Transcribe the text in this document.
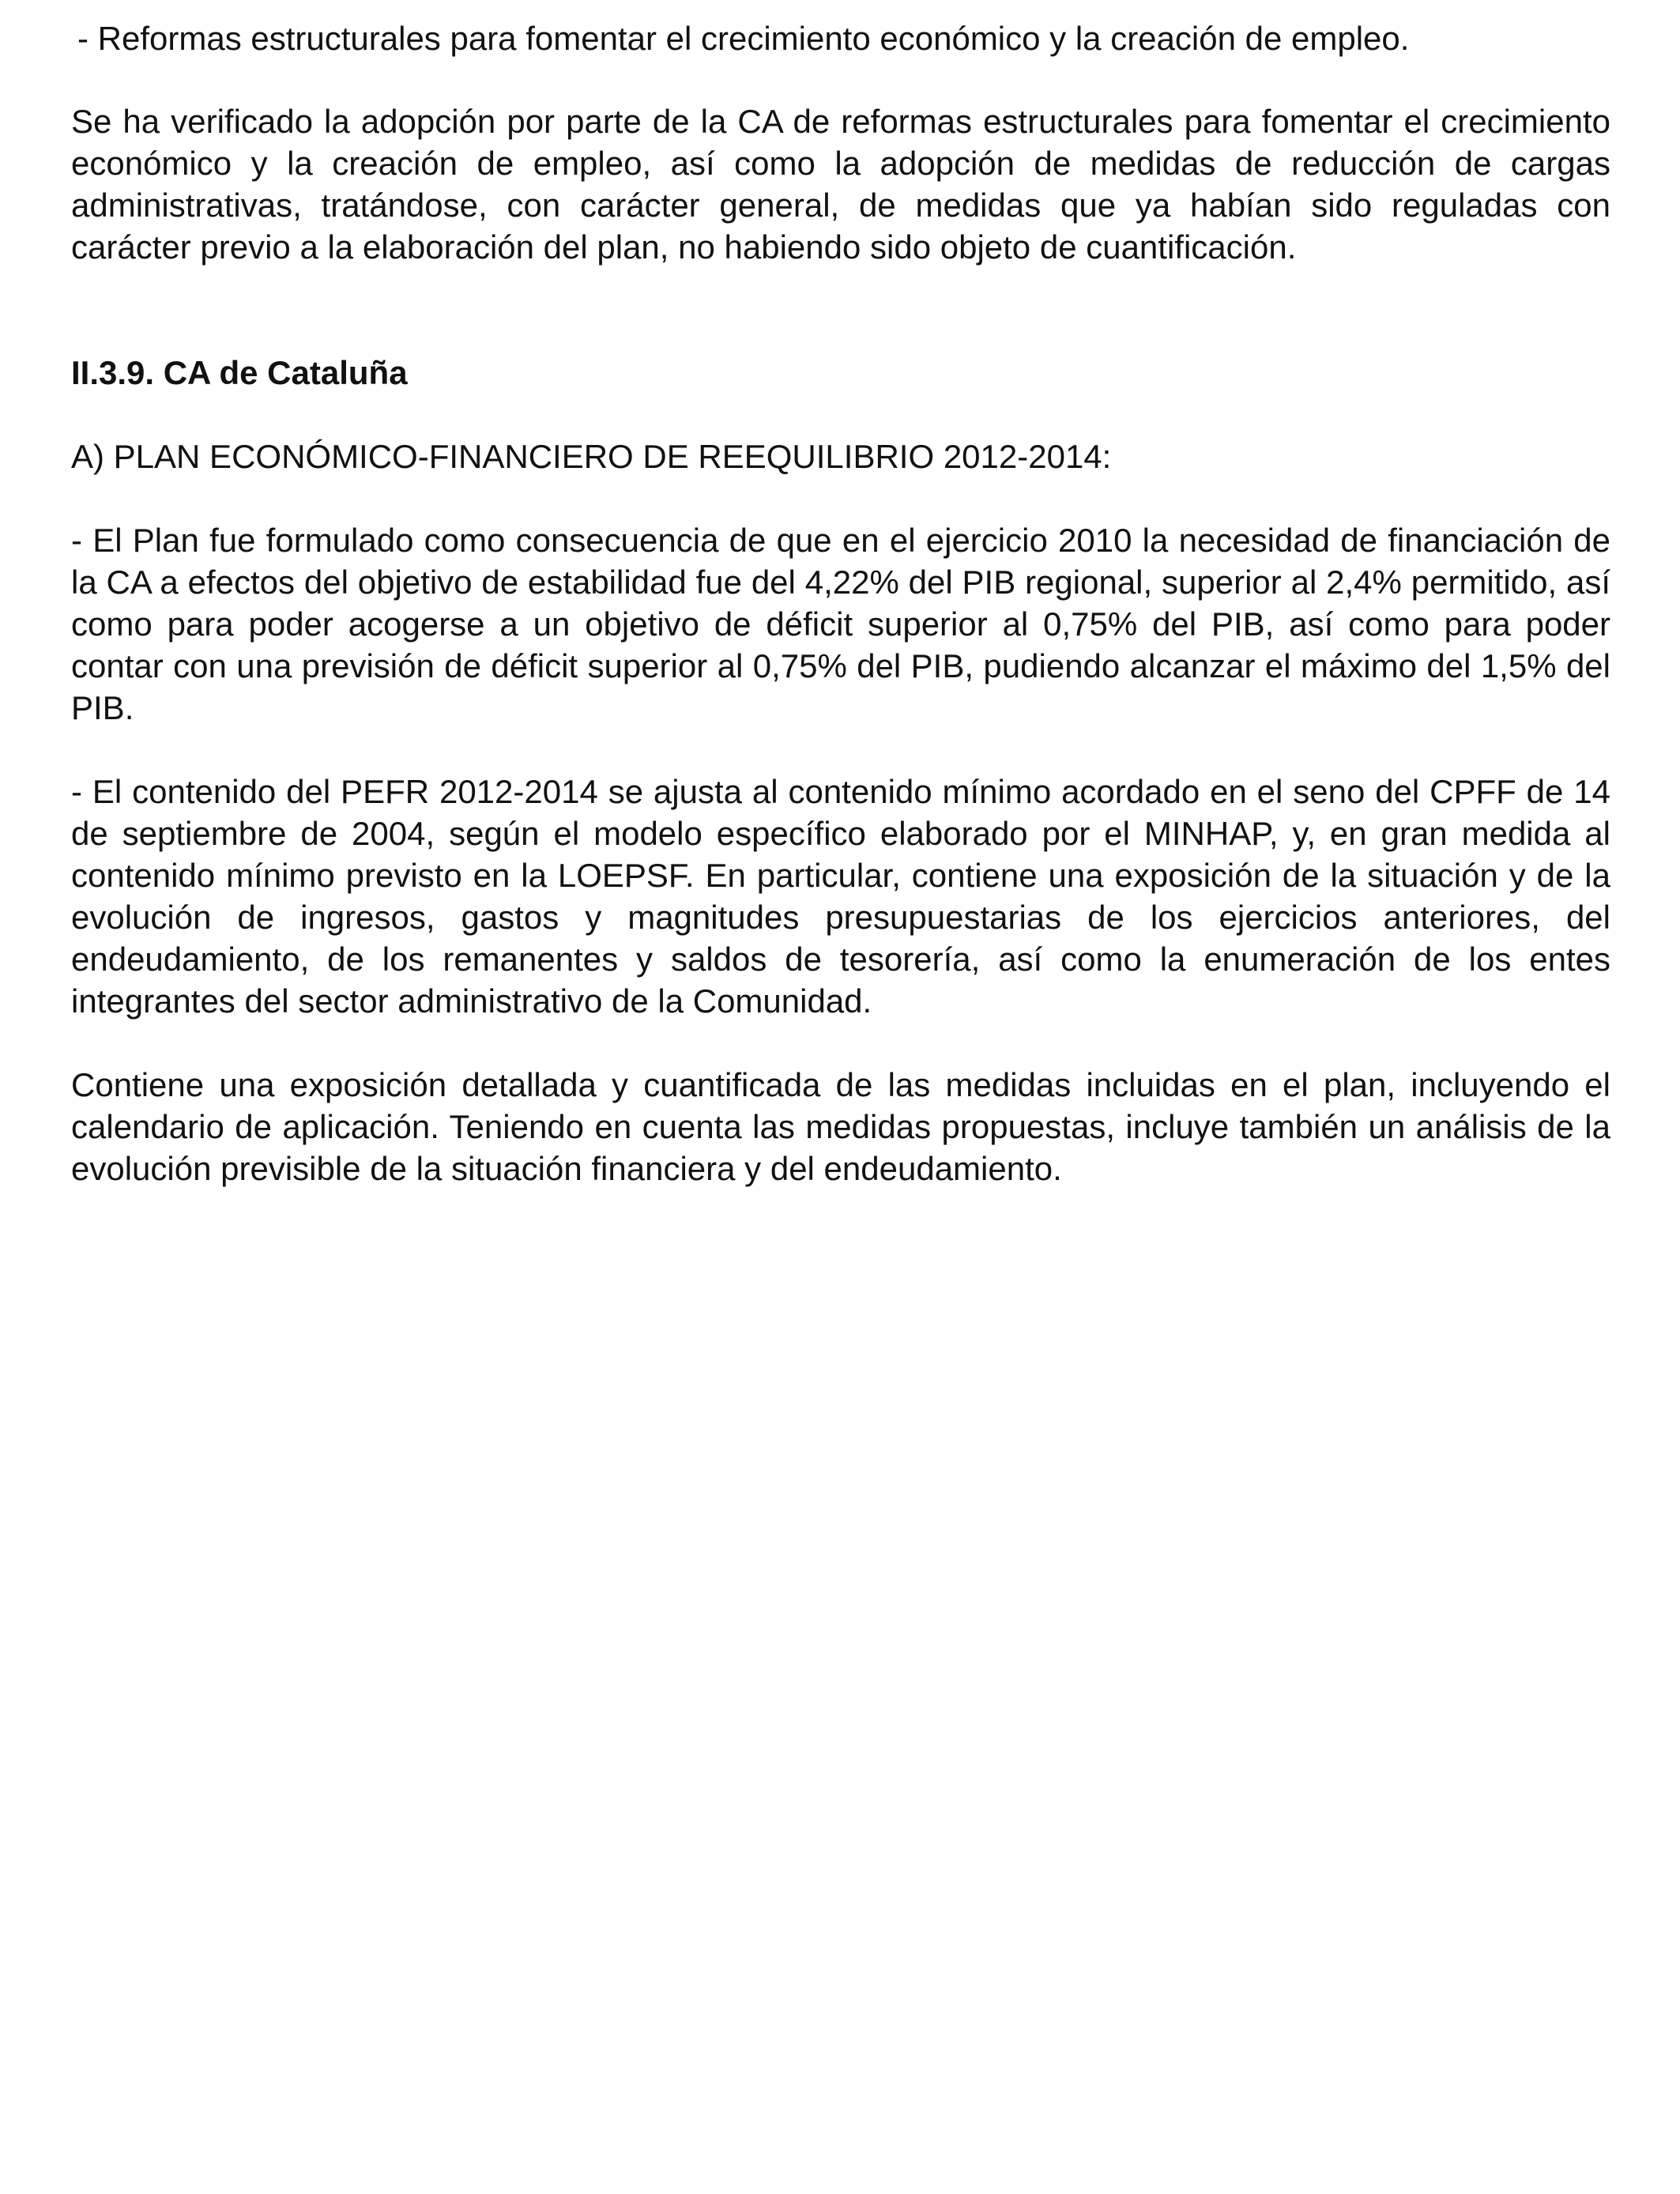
- Reformas estructurales para fomentar el crecimiento económico y la creación de empleo.

Se ha verificado la adopción por parte de la CA de reformas estructurales para fomentar el crecimiento económico y la creación de empleo, así como la adopción de medidas de reducción de cargas administrativas, tratándose, con carácter general, de medidas que ya habían sido reguladas con carácter previo a la elaboración del plan, no habiendo sido objeto de cuantificación.

II.3.9. CA de Cataluña

A) PLAN ECONÓMICO-FINANCIERO DE REEQUILIBRIO 2012-2014:

- El Plan fue formulado como consecuencia de que en el ejercicio 2010 la necesidad de financiación de la CA a efectos del objetivo de estabilidad fue del 4,22% del PIB regional, superior al 2,4% permitido, así como para poder acogerse a un objetivo de déficit superior al 0,75% del PIB, así como para poder contar con una previsión de déficit superior al 0,75% del PIB, pudiendo alcanzar el máximo del 1,5% del PIB.

- El contenido del PEFR 2012-2014 se ajusta al contenido mínimo acordado en el seno del CPFF de 14 de septiembre de 2004, según el modelo específico elaborado por el MINHAP, y, en gran medida al contenido mínimo previsto en la LOEPSF. En particular, contiene una exposición de la situación y de la evolución de ingresos, gastos y magnitudes presupuestarias de los ejercicios anteriores, del endeudamiento, de los remanentes y saldos de tesorería, así como la enumeración de los entes integrantes del sector administrativo de la Comunidad.

Contiene una exposición detallada y cuantificada de las medidas incluidas en el plan, incluyendo el calendario de aplicación. Teniendo en cuenta las medidas propuestas, incluye también un análisis de la evolución previsible de la situación financiera y del endeudamiento.
